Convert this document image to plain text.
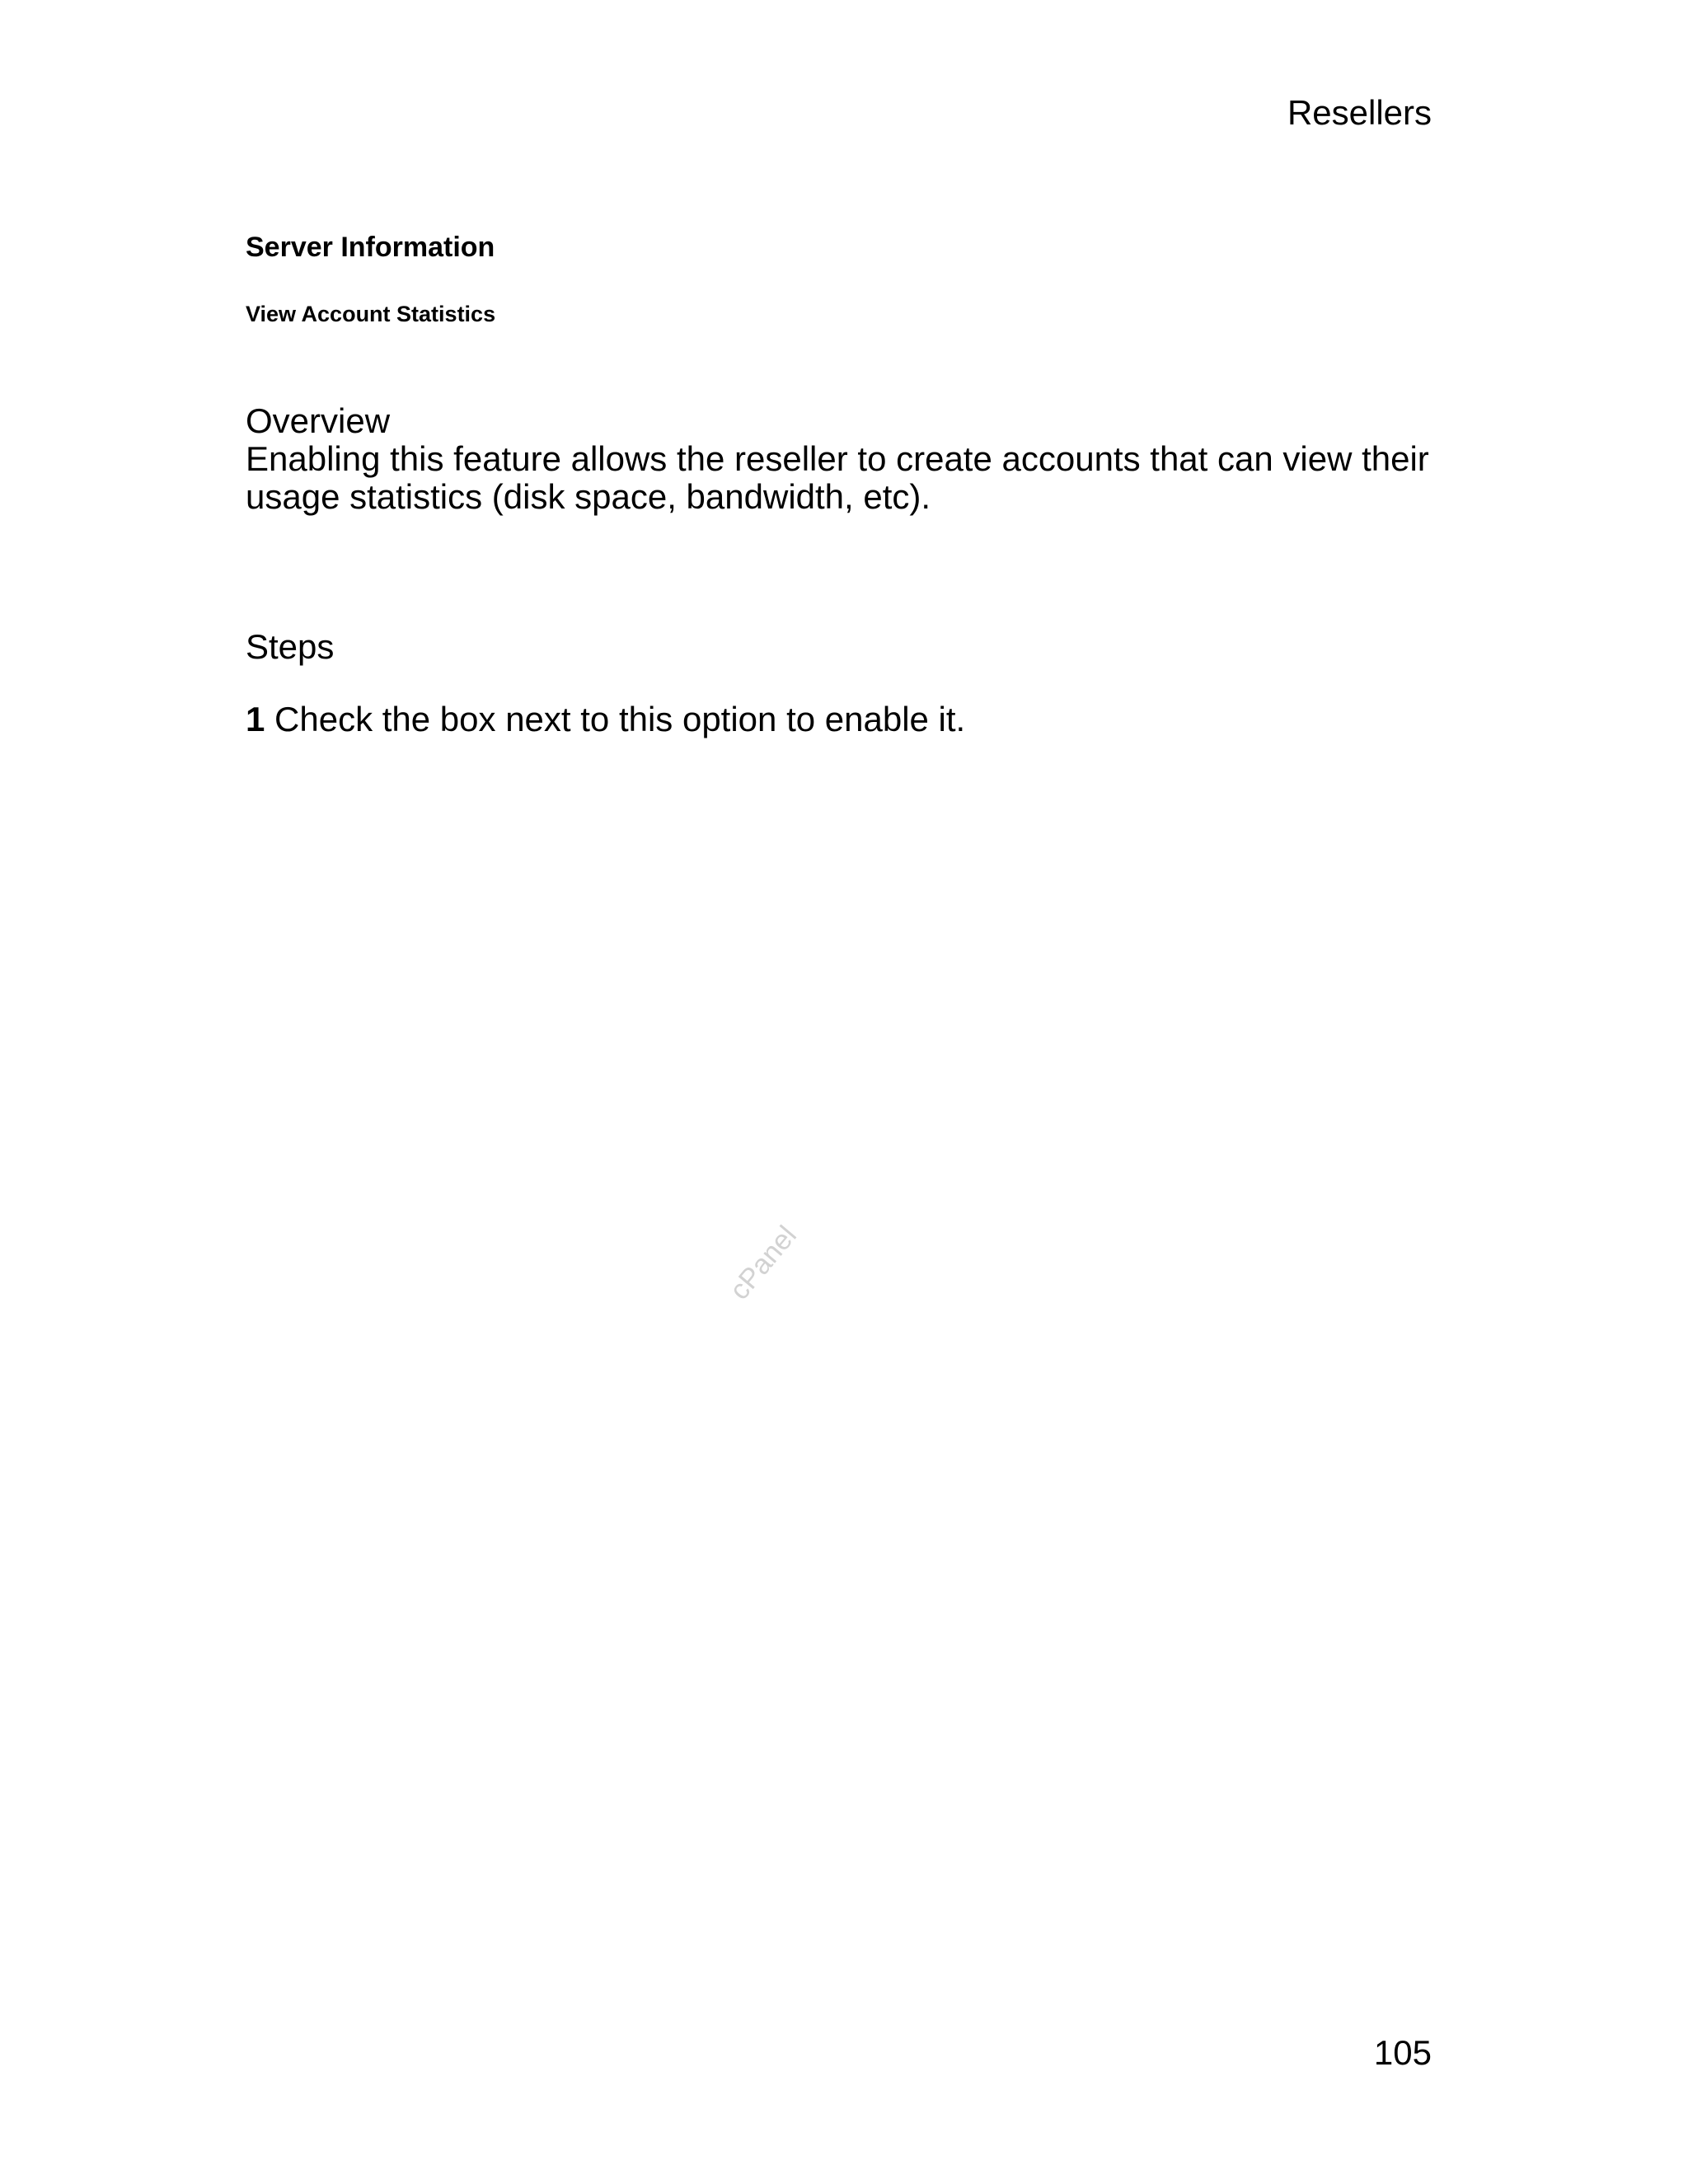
Resellers
Server Information
View Account Statistics

Overview

Enabling this feature allows the reseller to create accounts that can view their usage statistics (disk space, bandwidth, etc).

Steps
1 Check the box next to this option to enable it.
cPanel
105
